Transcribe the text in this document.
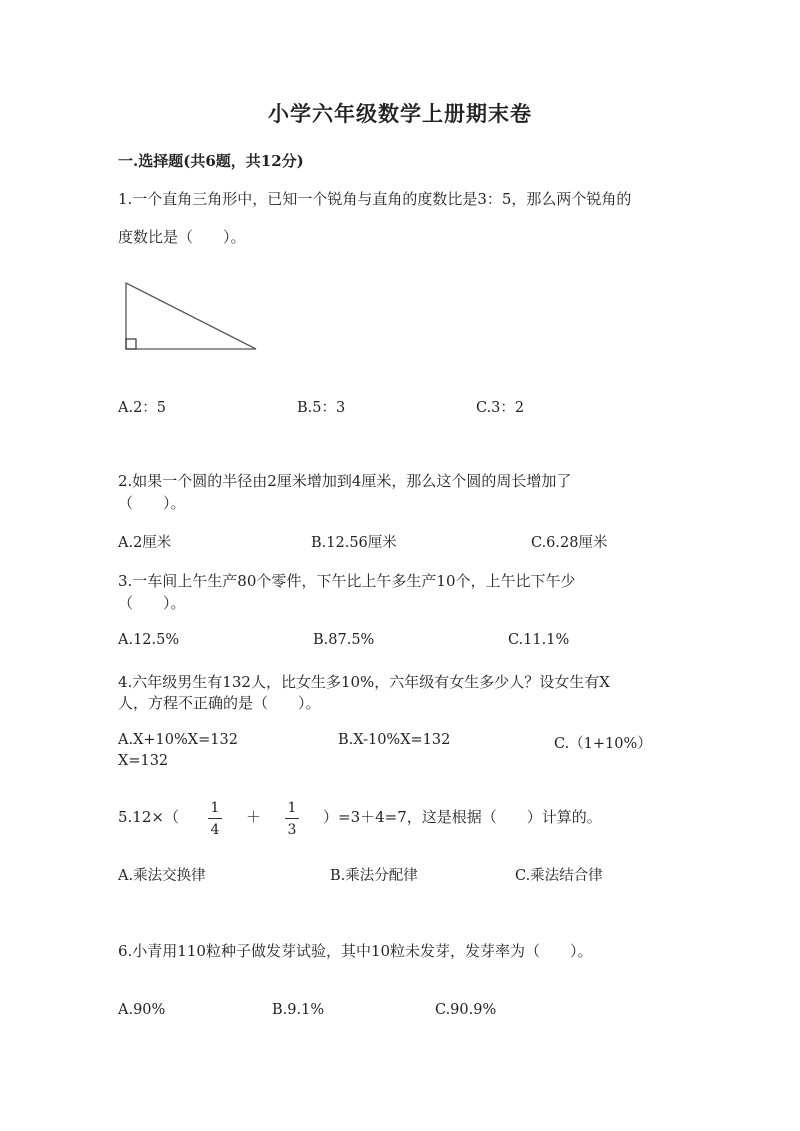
小学六年级数学上册期末卷
一.选择题(共6题，共12分)
1.一个直角三角形中，已知一个锐角与直角的度数比是3：5，那么两个锐角的
度数比是（　　）。
A.2：5	B.5：3	C.3：2
2.如果一个圆的半径由2厘米增加到4厘米，那么这个圆的周长增加了
（　　）。
A.2厘米	B.12.56厘米	C.6.28厘米
3.一车间上午生产80个零件，下午比上午多生产10个，上午比下午少
（　　）。
A.12.5%	B.87.5%	C.11.1%
4.六年级男生有132人，比女生多10%，六年级有女生多少人？设女生有X
人，方程不正确的是（　　）。
A.X+10%X=132	B.X-10%X=132	C.（1+10%）
X=132
5.12×（ 1
4
＋ 1
3
）=3＋4=7，这是根据（　　）计算的。
A.乘法交换律	B.乘法分配律	C.乘法结合律
6.小青用110粒种子做发芽试验，其中10粒未发芽，发芽率为（　　）。
A.90%	B.9.1%	C.90.9%
